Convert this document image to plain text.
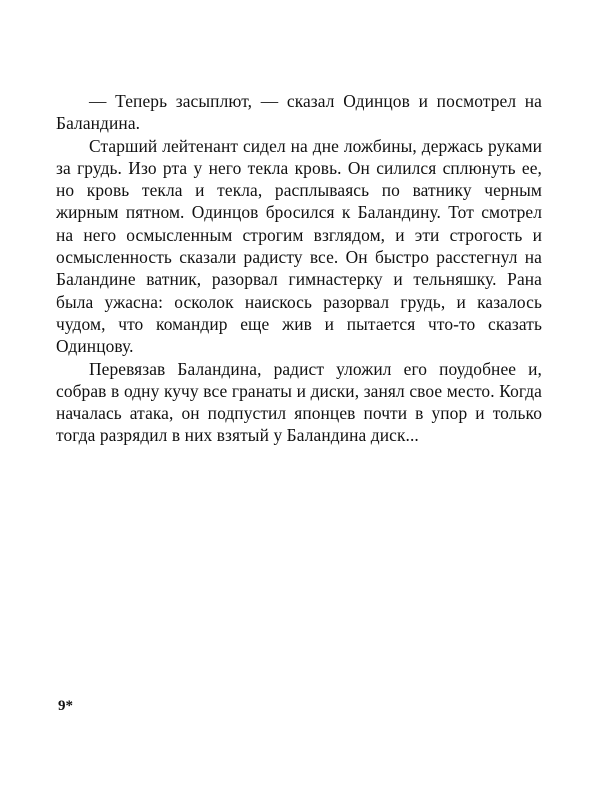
— Теперь засыплют, — сказал Одинцов и посмотрел на Баландина.

Старший лейтенант сидел на дне ложбины, держась руками за грудь. Изо рта у него текла кровь. Он силился сплюнуть ее, но кровь текла и текла, расплываясь по ватнику черным жирным пятном. Одинцов бросился к Баландину. Тот смотрел на него осмысленным строгим взглядом, и эти строгость и осмысленность сказали радисту все. Он быстро расстегнул на Баландине ватник, разорвал гимнастерку и тельняшку. Рана была ужасна: осколок наискось разорвал грудь, и казалось чудом, что командир еще жив и пытается что-то сказать Одинцову.

Перевязав Баландина, радист уложил его поудобнее и, собрав в одну кучу все гранаты и диски, занял свое место. Когда началась атака, он подпустил японцев почти в упор и только тогда разрядил в них взятый у Баландина диск...

9*
